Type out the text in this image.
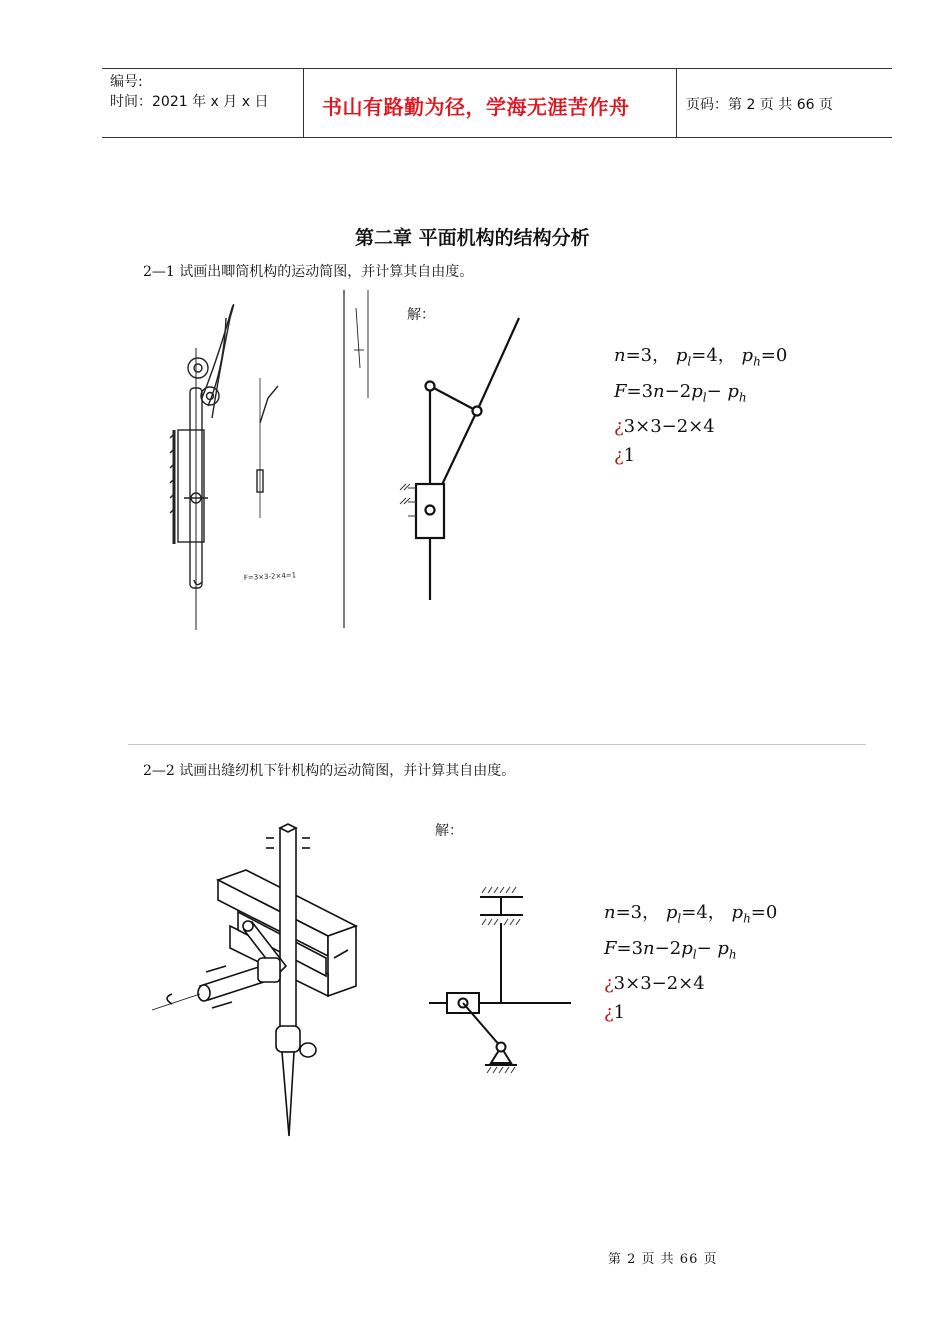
编号:
时间：2021 年 x 月 x 日	书山有路勤为径，学海无涯苦作舟	页码：第 2 页 共 66 页
第二章 平面机构的结构分析
2—1 试画出唧筒机构的运动简图，并计算其自由度。
F=3×3-2×4=1
解：
n=3， $p_l=4$， $p_h=0$
$F=3n-2p_l- p_h$
¿3×3−2×4
¿1
2—2 试画出缝纫机下针机构的运动简图，并计算其自由度。
解：
n=3， $p_l=4$， $p_h=0$
$F=3n-2p_l- p_h$
¿3×3−2×4
¿1
第 2 页 共 66 页
